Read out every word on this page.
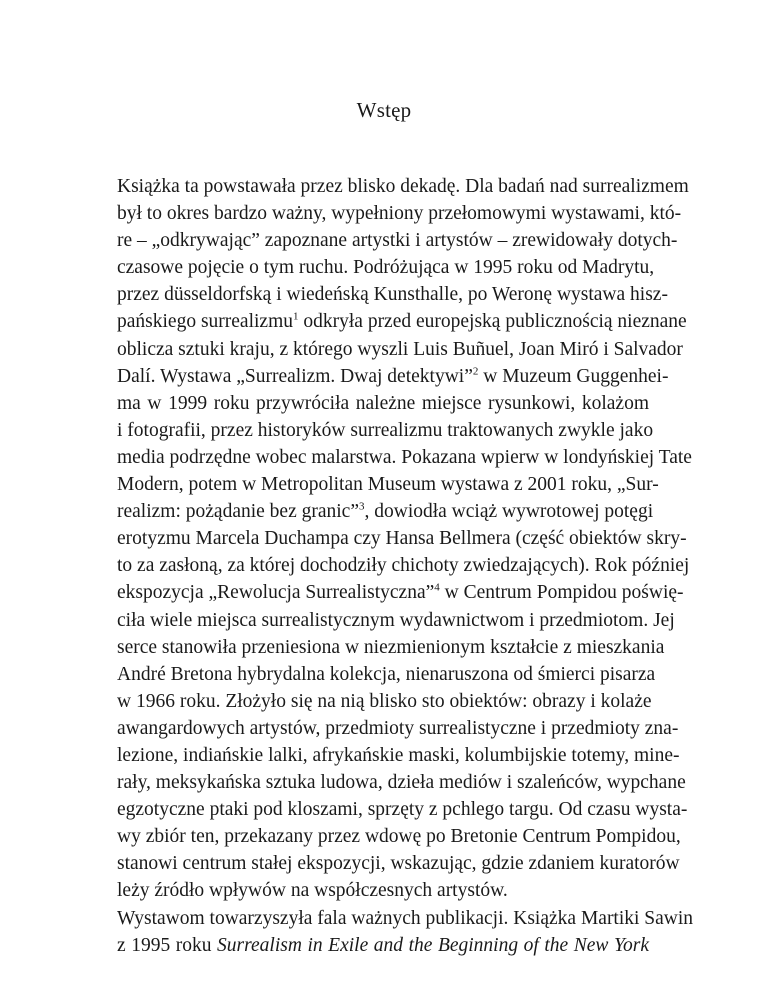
Wstęp
Książka ta powstawała przez blisko dekadę. Dla badań nad surrealizmem
był to okres bardzo ważny, wypełniony przełomowymi wystawami, któ-
re – „odkrywając” zapoznane artystki i artystów – zrewidowały dotych-
czasowe pojęcie o tym ruchu. Podróżująca w 1995 roku od Madrytu,
przez düsseldorfską i wiedeńską Kunsthalle, po Weronę wystawa hisz-
pańskiego surrealizmu$^1$ odkryła przed europejską publicznością nieznane
oblicza sztuki kraju, z którego wyszli Luis Buñuel, Joan Miró i Salvador
Dalí. Wystawa „Surrealizm. Dwaj detektywi”$^2$ w Muzeum Guggenhei-
ma w 1999 roku przywróciła należne miejsce rysunkowi, kolażom
i fotografii, przez historyków surrealizmu traktowanych zwykle jako
media podrzędne wobec malarstwa. Pokazana wpierw w londyńskiej Tate
Modern, potem w Metropolitan Museum wystawa z 2001 roku, „Sur-
realizm: pożądanie bez granic”$^3$, dowiodła wciąż wywrotowej potęgi
erotyzmu Marcela Duchampa czy Hansa Bellmera (część obiektów skry-
to za zasłoną, za której dochodziły chichoty zwiedzających). Rok później
ekspozycja „Rewolucja Surrealistyczna”$^4$ w Centrum Pompidou poświę-
ciła wiele miejsca surrealistycznym wydawnictwom i przedmiotom. Jej
serce stanowiła przeniesiona w niezmienionym kształcie z mieszkania
André Bretona hybrydalna kolekcja, nienaruszona od śmierci pisarza
w 1966 roku. Złożyło się na nią blisko sto obiektów: obrazy i kolaże
awangardowych artystów, przedmioty surrealistyczne i przedmioty zna-
lezione, indiańskie lalki, afrykańskie maski, kolumbijskie totemy, mine-
rały, meksykańska sztuka ludowa, dzieła mediów i szaleńców, wypchane
egzotyczne ptaki pod kloszami, sprzęty z pchlego targu. Od czasu wysta-
wy zbiór ten, przekazany przez wdowę po Bretonie Centrum Pompidou,
stanowi centrum stałej ekspozycji, wskazując, gdzie zdaniem kuratorów
leży źródło wpływów na współczesnych artystów.
Wystawom towarzyszyła fala ważnych publikacji. Książka Martiki Sawin
z 1995 roku Surrealism in Exile and the Beginning of the New York
